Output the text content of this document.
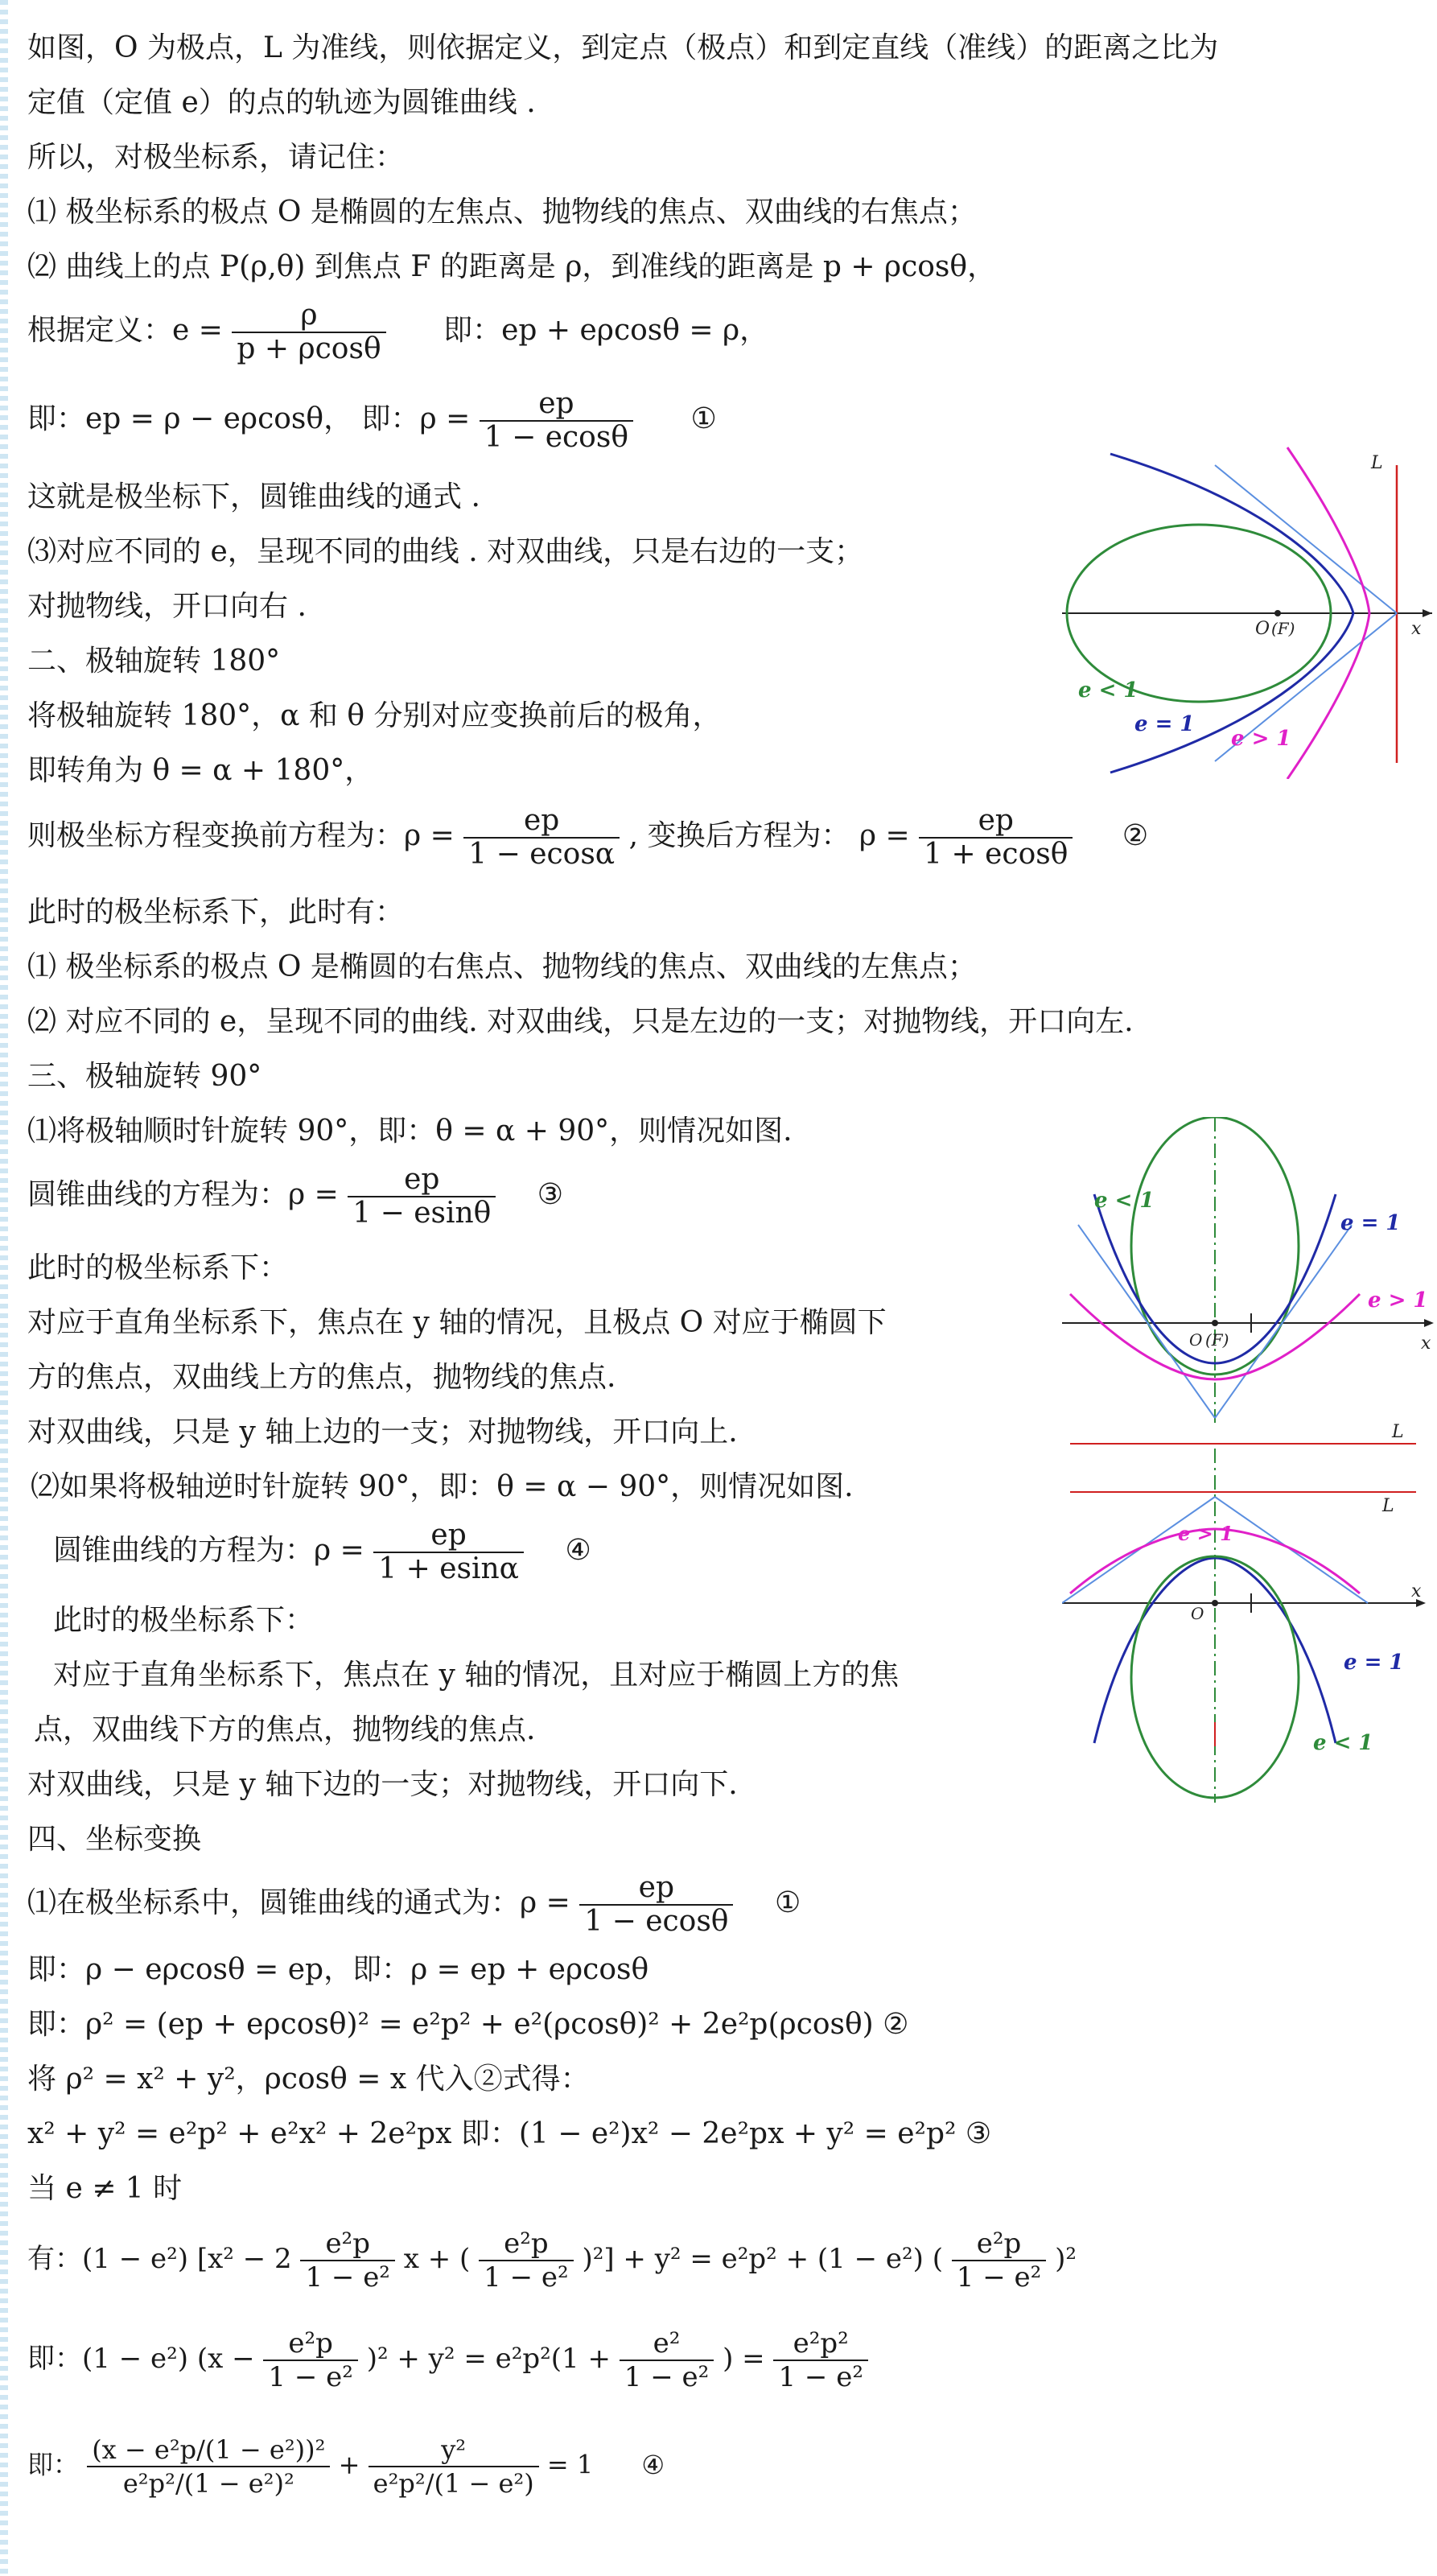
如图，O 为极点，L 为准线，则依据定义，到定点（极点）和到定直线（准线）的距离之比为
定值（定值 e）的点的轨迹为圆锥曲线 .
所以，对极坐标系，请记住：
⑴ 极坐标系的极点 O 是椭圆的左焦点、抛物线的焦点、双曲线的右焦点；
⑵ 曲线上的点 P(ρ,θ) 到焦点 F 的距离是 ρ，到准线的距离是 p + ρcosθ，
根据定义：$e = \frac{\rho}{p + \rho\cos\theta}$ 即：ep + eρcosθ = ρ，
即：ep = ρ − eρcosθ， 即：$\rho = \frac{ep}{1 - ecos\theta}$ ①
这就是极坐标下，圆锥曲线的通式 .
⑶对应不同的 e，呈现不同的曲线 . 对双曲线，只是右边的一支；
对抛物线，开口向右 .
二、极轴旋转 180°
将极轴旋转 180°，α 和 θ 分别对应变换前后的极角，
即转角为 θ = α + 180°，
则极坐标方程变换前方程为：$\rho = \frac{ep}{1 - ecos\alpha}$ , 变换后方程为： $\rho = \frac{ep}{1 + ecos\theta}$ ②
此时的极坐标系下，此时有：
⑴ 极坐标系的极点 O 是椭圆的右焦点、抛物线的焦点、双曲线的左焦点；
⑵ 对应不同的 e，呈现不同的曲线. 对双曲线，只是左边的一支；对抛物线，开口向左.
三、极轴旋转 90°
⑴将极轴顺时针旋转 90°，即：θ = α + 90°，则情况如图.
圆锥曲线的方程为：$\rho = \frac{ep}{1 - esin\theta}$ ③
此时的极坐标系下：
对应于直角坐标系下，焦点在 y 轴的情况，且极点 O 对应于椭圆下
方的焦点，双曲线上方的焦点，抛物线的焦点.
对双曲线，只是 y 轴上边的一支；对抛物线，开口向上.
⑵如果将极轴逆时针旋转 90°，即：θ = α − 90°，则情况如图.
圆锥曲线的方程为：$\rho = \frac{ep}{1 + esin\alpha}$ ④
此时的极坐标系下：
对应于直角坐标系下，焦点在 y 轴的情况，且对应于椭圆上方的焦
点，双曲线下方的焦点，抛物线的焦点.
对双曲线，只是 y 轴下边的一支；对抛物线，开口向下.
四、坐标变换
⑴在极坐标系中，圆锥曲线的通式为：$\rho = \frac{ep}{1 - ecos\theta}$ ①
即：ρ − eρcosθ = ep，即：ρ = ep + eρcosθ
即：ρ² = (ep + eρcosθ)² = e²p² + e²(ρcosθ)² + 2e²p(ρcosθ) ②
将 ρ² = x² + y²，ρcosθ = x 代入②式得：
x² + y² = e²p² + e²x² + 2e²px 即：(1 − e²)x² − 2e²px + y² = e²p² ③
当 e ≠ 1 时
有：(1 − e²) [$x^2 - 2 \frac{\text{e²p}}{\text{1 − e²}}$ x + ( $\frac{\text{e²p}}{\text{1 − e²}} )^2] + y^2 = e^2p^2 + (1 - e^2)$ ( $\frac{\text{e²p}}{\text{1 − e²}} )^2$
即：(1 − e²) $(x - \frac{\text{e²p}}{\text{1 − e²}} )^2 + y^2 = e^2p^2(1 + \frac{\text{e²}}{\text{1 − e²}}$ ) = $\frac{\text{e²p²}}{\text{1 − e²}}$
即： $\frac{\text{(x − e²p/(1 − e²))²}}{\text{e²p²/(1 − e²)²}} + \frac{\text{y²}}{\text{e²p²/(1 − e²)}} = 1$ ④
L
O (F)	x
e < 1
e = 1
e > 1
e < 1
e = 1
e > 1
O (F)	x
L
L
e > 1
O
x
e = 1
e < 1
